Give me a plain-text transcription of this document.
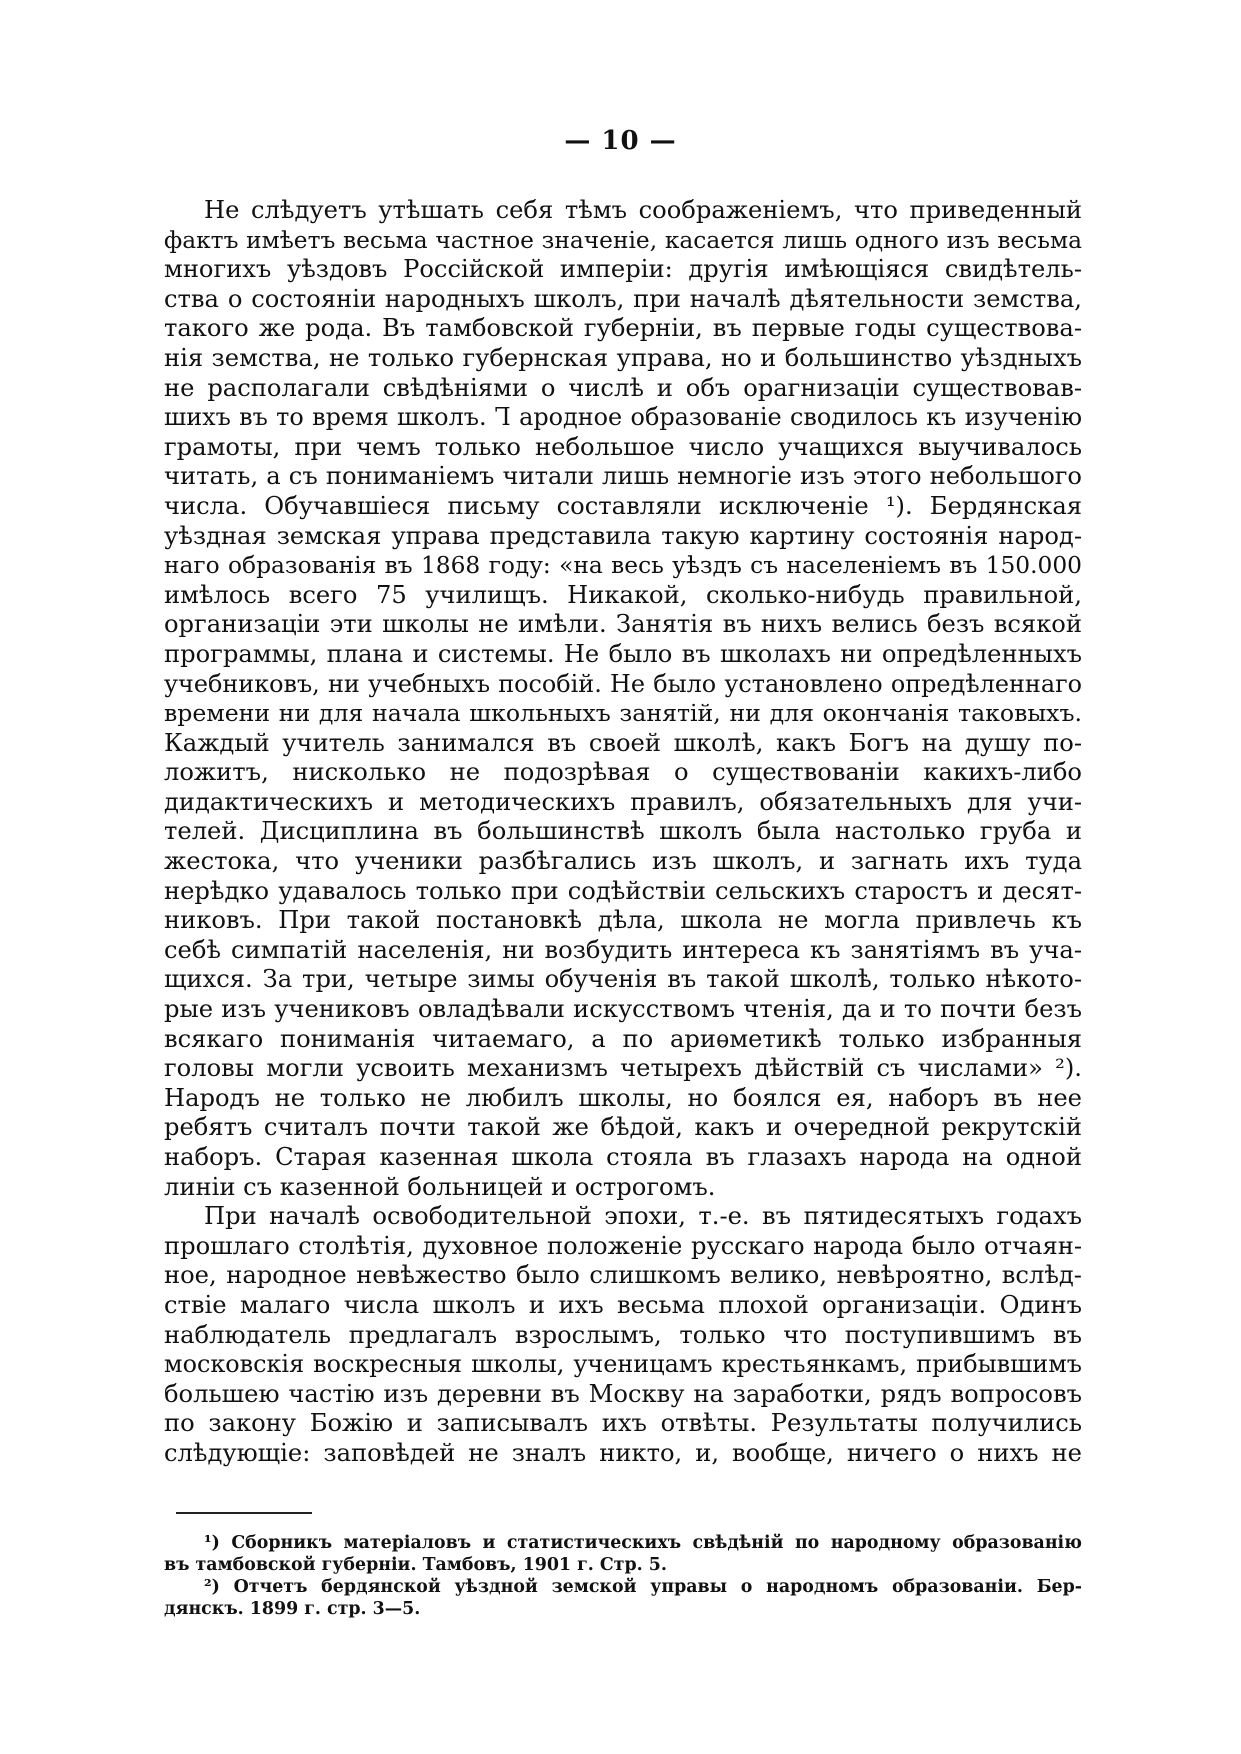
— 10 —
Не слѣдуетъ утѣшать себя тѣмъ соображеніемъ, что приведенный
фактъ имѣетъ весьма частное значеніе, касается лишь одного изъ весьма
многихъ уѣздовъ Россійской имперіи: другія имѣющіяся свидѣтель-
ства о состояніи народныхъ школъ, при началѣ дѣятельности земства,
такого же рода. Въ тамбовской губерніи, въ первые годы существова-
нія земства, не только губернская управа, но и большинство уѣздныхъ
не располагали свѣдѣніями о числѣ и объ орагнизаціи существовав-
шихъ въ то время школъ. Ꞁ ародное образованіе сводилось къ изученію
грамоты, при чемъ только небольшое число учащихся выучивалось
читать, а съ пониманіемъ читали лишь немногіе изъ этого небольшого
числа. Обучавшіеся письму составляли исключеніе ¹). Бердянская
уѣздная земская управа представила такую картину состоянія народ-
наго образованія въ 1868 году: «на весь уѣздъ съ населеніемъ въ 150.000
имѣлось всего 75 училищъ. Никакой, сколько-нибудь правильной,
организаціи эти школы не имѣли. Занятія въ нихъ велись безъ всякой
программы, плана и системы. Не было въ школахъ ни опредѣленныхъ
учебниковъ, ни учебныхъ пособій. Не было установлено опредѣленнаго
времени ни для начала школьныхъ занятій, ни для окончанія таковыхъ.
Каждый учитель занимался въ своей школѣ, какъ Богъ на душу по-
ложитъ, нисколько не подозрѣвая о существованіи какихъ-либо
дидактическихъ и методическихъ правилъ, обязательныхъ для учи-
телей. Дисциплина въ большинствѣ школъ была настолько груба и
жестока, что ученики разбѣгались изъ школъ, и загнать ихъ туда
нерѣдко удавалось только при содѣйствіи сельскихъ старостъ и десят-
никовъ. При такой постановкѣ дѣла, школа не могла привлечь къ
себѣ симпатій населенія, ни возбудить интереса къ занятіямъ въ уча-
щихся. За три, четыре зимы обученія въ такой школѣ, только нѣкото-
рые изъ учениковъ овладѣвали искусствомъ чтенія, да и то почти безъ
всякаго пониманія читаемаго, а по ариѳметикѣ только избранныя
головы могли усвоить механизмъ четырехъ дѣйствій съ числами» ²).
Народъ не только не любилъ школы, но боялся ея, наборъ въ нее
ребятъ считалъ почти такой же бѣдой, какъ и очередной рекрутскій
наборъ. Старая казенная школа стояла въ глазахъ народа на одной
линіи съ казенной больницей и острогомъ.
При началѣ освободительной эпохи, т.-е. въ пятидесятыхъ годахъ
прошлаго столѣтія, духовное положеніе русскаго народа было отчаян-
ное, народное невѣжество было слишкомъ велико, невѣроятно, вслѣд-
ствіе малаго числа школъ и ихъ весьма плохой организаціи. Одинъ
наблюдатель предлагалъ взрослымъ, только что поступившимъ въ
московскія воскресныя школы, ученицамъ крестьянкамъ, прибывшимъ
большею частію изъ деревни въ Москву на заработки, рядъ вопросовъ
по закону Божію и записывалъ ихъ отвѣты. Результаты получились
слѣдующіе: заповѣдей не зналъ никто, и, вообще, ничего о нихъ не
¹) Сборникъ матеріаловъ и статистическихъ свѣдѣній по народному образованію
въ тамбовской губерніи. Тамбовъ, 1901 г. Стр. 5.
²) Отчетъ бердянской уѣздной земской управы о народномъ образованіи. Бер-
дянскъ. 1899 г. стр. 3—5.
